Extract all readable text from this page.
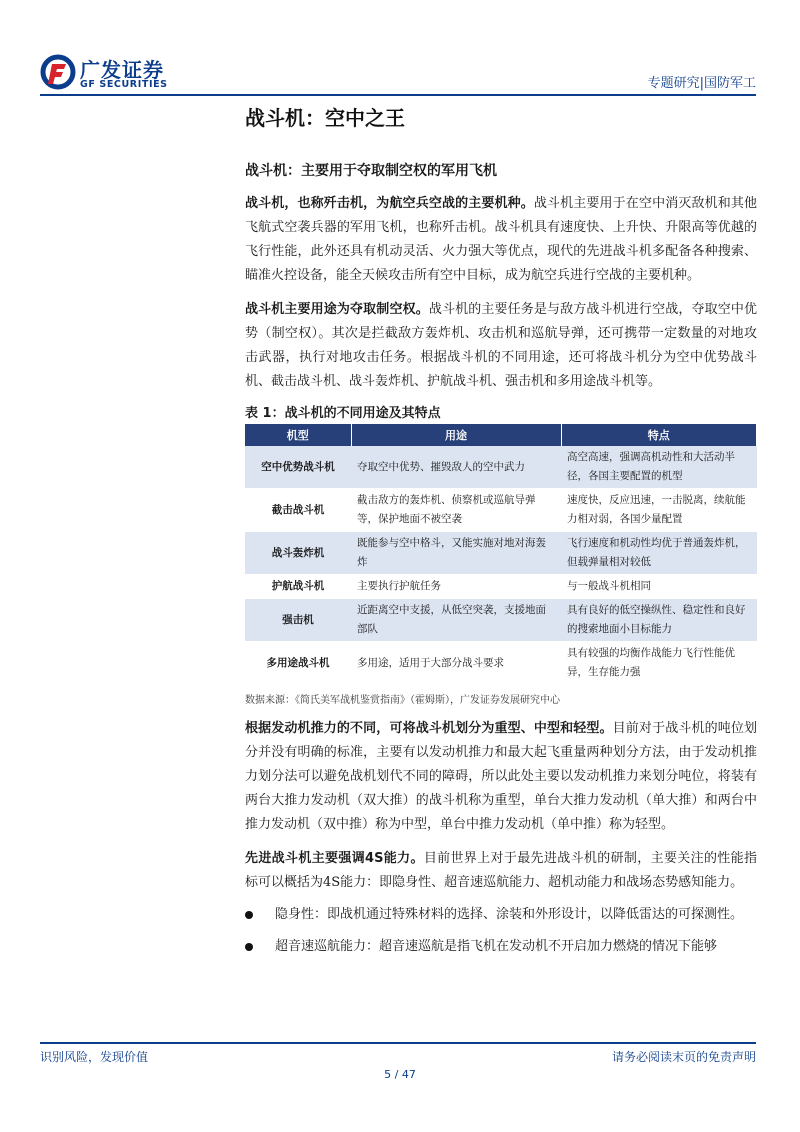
广发证券
GF SECURITIES	专题研究|国防军工
战斗机：空中之王
战斗机：主要用于夺取制空权的军用飞机

战斗机，也称歼击机，为航空兵空战的主要机种。战斗机主要用于在空中消灭敌机和其他飞航式空袭兵器的军用飞机，也称歼击机。战斗机具有速度快、上升快、升限高等优越的飞行性能，此外还具有机动灵活、火力强大等优点，现代的先进战斗机多配备各种搜索、瞄准火控设备，能全天候攻击所有空中目标，成为航空兵进行空战的主要机种。

战斗机主要用途为夺取制空权。战斗机的主要任务是与敌方战斗机进行空战，夺取空中优势（制空权）。其次是拦截敌方轰炸机、攻击机和巡航导弹，还可携带一定数量的对地攻击武器，执行对地攻击任务。根据战斗机的不同用途，还可将战斗机分为空中优势战斗机、截击战斗机、战斗轰炸机、护航战斗机、强击机和多用途战斗机等。

表 1：战斗机的不同用途及其特点
机型	用途	特点
空中优势战斗机	夺取空中优势、摧毁敌人的空中武力	高空高速，强调高机动性和大活动半径，各国主要配置的机型
截击战斗机	截击敌方的轰炸机、侦察机或巡航导弹等，保护地面不被空袭	速度快，反应迅速，一击脱离，续航能力相对弱，各国少量配置
战斗轰炸机	既能参与空中格斗，又能实施对地对海轰炸	飞行速度和机动性均优于普通轰炸机，但载弹量相对较低
护航战斗机	主要执行护航任务	与一般战斗机相同
强击机	近距离空中支援，从低空突袭，支援地面部队	具有良好的低空操纵性、稳定性和良好的搜索地面小目标能力
多用途战斗机	多用途，适用于大部分战斗要求	具有较强的均衡作战能力飞行性能优异，生存能力强
数据来源：《简氏美军战机鉴赏指南》（霍姆斯），广发证券发展研究中心

根据发动机推力的不同，可将战斗机划分为重型、中型和轻型。目前对于战斗机的吨位划分并没有明确的标准，主要有以发动机推力和最大起飞重量两种划分方法，由于发动机推力划分法可以避免战机划代不同的障碍，所以此处主要以发动机推力来划分吨位，将装有两台大推力发动机（双大推）的战斗机称为重型，单台大推力发动机（单大推）和两台中推力发动机（双中推）称为中型，单台中推力发动机（单中推）称为轻型。

先进战斗机主要强调4S能力。目前世界上对于最先进战斗机的研制，主要关注的性能指标可以概括为4S能力：即隐身性、超音速巡航能力、超机动能力和战场态势感知能力。

隐身性：即战机通过特殊材料的选择、涂装和外形设计，以降低雷达的可探测性。
超音速巡航能力：超音速巡航是指飞机在发动机不开启加力燃烧的情况下能够
识别风险，发现价值	请务必阅读末页的免责声明
5 / 47
